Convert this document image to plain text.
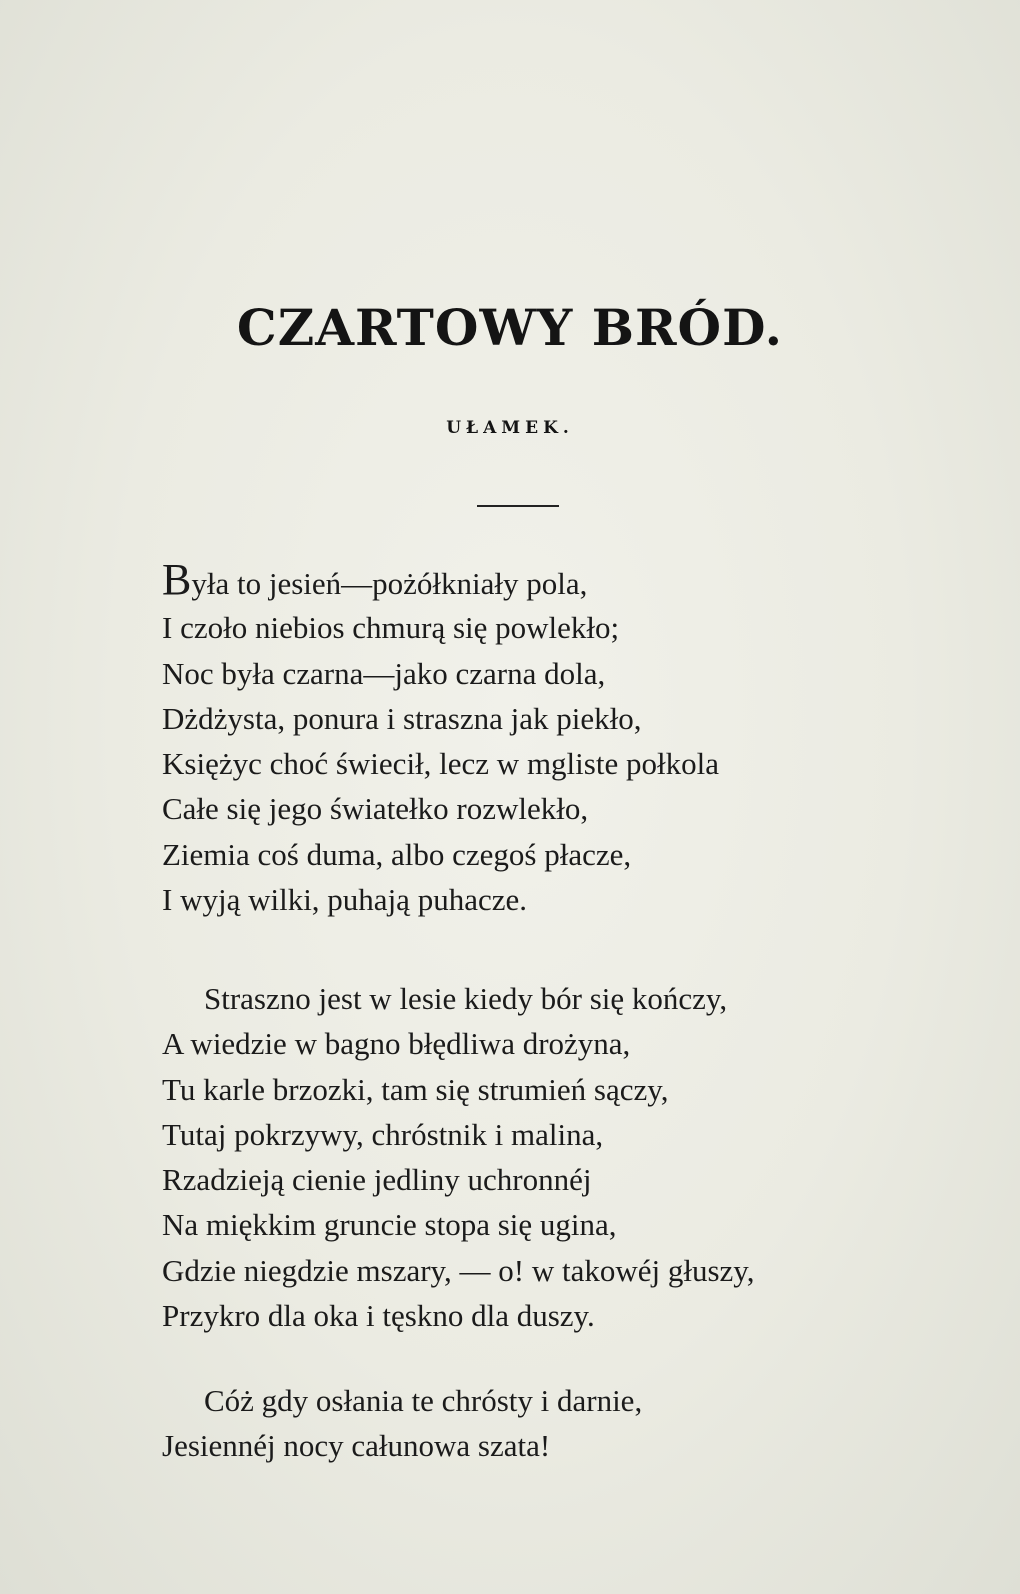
CZARTOWY BRÓD.
UŁAMEK.
Była to jesień—pożółkniały pola,
I czoło niebios chmurą się powlekło;
Noc była czarna—jako czarna dola,
Dżdżysta, ponura i straszna jak piekło,
Księżyc choć świecił, lecz w mgliste połkola
Całe się jego światełko rozwlekło,
Ziemia coś duma, albo czegoś płacze,
I wyją wilki, puhają puhacze.
Straszno jest w lesie kiedy bór się kończy,
A wiedzie w bagno błędliwa drożyna,
Tu karle brzozki, tam się strumień sączy,
Tutaj pokrzywy, chróstnik i malina,
Rzadzieją cienie jedliny uchronnéj
Na miękkim gruncie stopa się ugina,
Gdzie niegdzie mszary, — o! w takowéj głuszy,
Przykro dla oka i tęskno dla duszy.
Cóż gdy osłania te chrósty i darnie,
Jesiennéj nocy całunowa szata!
